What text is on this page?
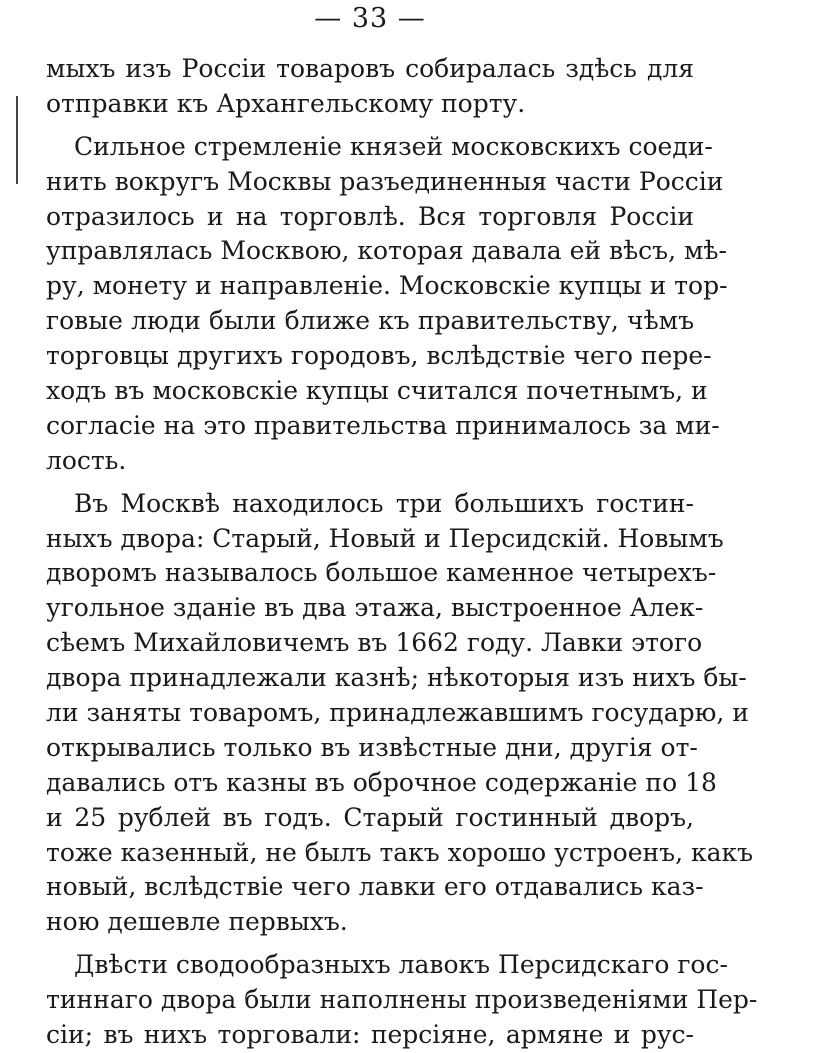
— 33 —
мыхъ изъ Россіи товаровъ собиралась здѣсь для
отправки къ Архангельскому порту.
Сильное стремленіе князей московскихъ соеди-
нить вокругъ Москвы разъединенныя части Россіи
отразилось и на торговлѣ. Вся торговля Россіи
управлялась Москвою, которая давала ей вѣсъ, мѣ-
ру, монету и направленіе. Московскіе купцы и тор-
говые люди были ближе къ правительству, чѣмъ
торговцы другихъ городовъ, вслѣдствіе чего пере-
ходъ въ московскіе купцы считался почетнымъ, и
согласіе на это правительства принималось за ми-
лость.
Въ Москвѣ находилось три большихъ гостин-
ныхъ двора: Старый, Новый и Персидскій. Новымъ
дворомъ называлось большое каменное четырехъ-
угольное зданіе въ два этажа, выстроенное Алек-
сѣемъ Михайловичемъ въ 1662 году. Лавки этого
двора принадлежали казнѣ; нѣкоторыя изъ нихъ бы-
ли заняты товаромъ, принадлежавшимъ государю, и
открывались только въ извѣстные дни, другія от-
давались отъ казны въ оброчное содержаніе по 18
и 25 рублей въ годъ. Старый гостинный дворъ,
тоже казенный, не былъ такъ хорошо устроенъ, какъ
новый, вслѣдствіе чего лавки его отдавались каз-
ною дешевле первыхъ.
Двѣсти сводообразныхъ лавокъ Персидскаго гос-
тиннаго двора были наполнены произведеніями Пер-
сіи; въ нихъ торговали: персіяне, армяне и рус-
